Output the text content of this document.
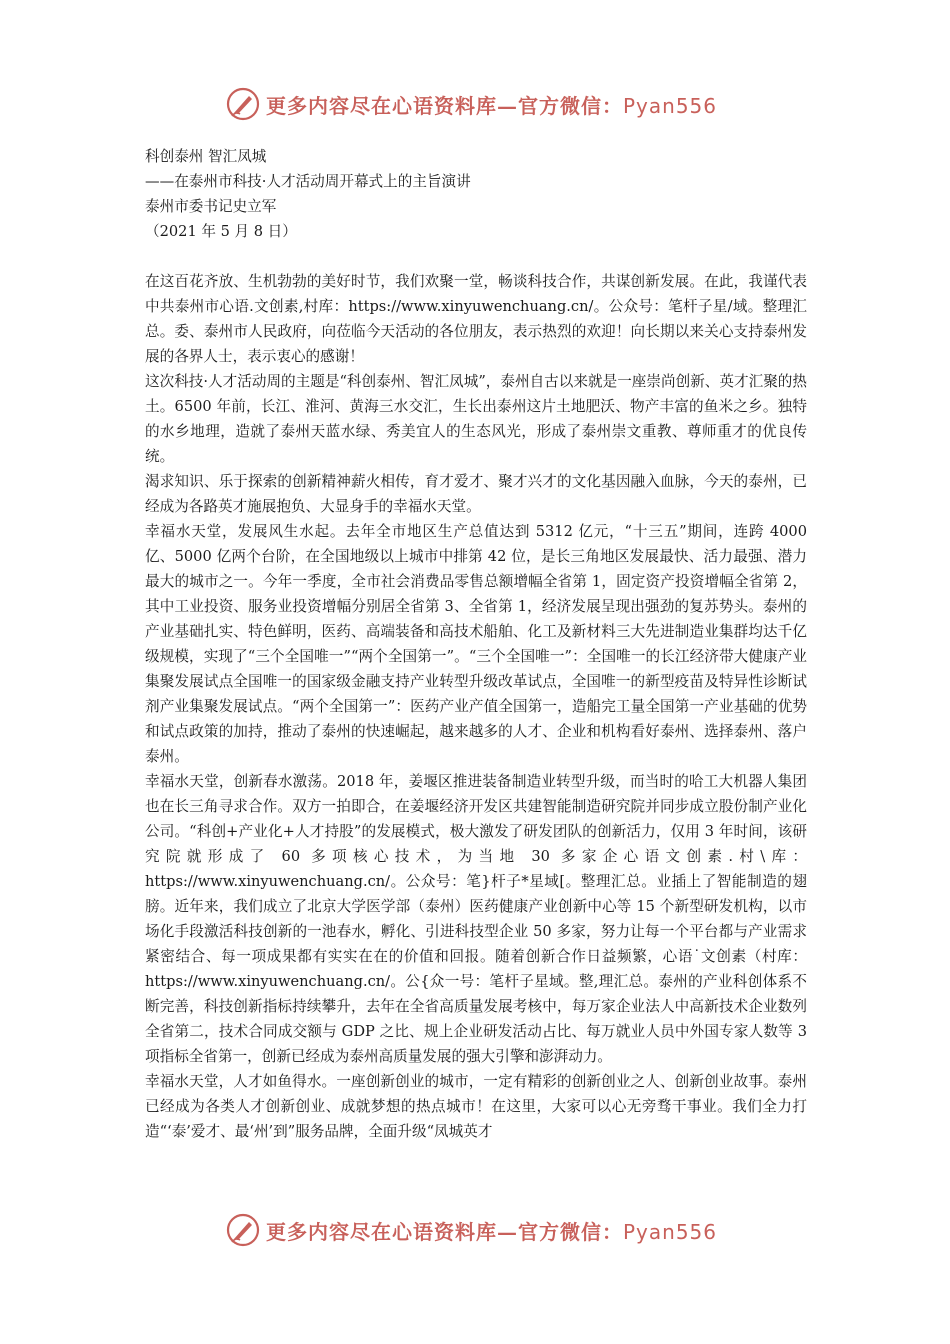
更多内容尽在心语资料库—官方微信：Pyan556

科创泰州 智汇凤城

——在泰州市科技·人才活动周开幕式上的主旨演讲

泰州市委书记史立军

（2021 年 5 月 8 日）

在这百花齐放、生机勃勃的美好时节，我们欢聚一堂，畅谈科技合作，共谋创新发展。在此，我谨代表中共泰州市心语.文创素,村库：https://www.xinyuwenchuang.cn/。公众号：笔杆子星/域。整理汇总。委、泰州市人民政府，向莅临今天活动的各位朋友，表示热烈的欢迎！向长期以来关心支持泰州发展的各界人士，表示衷心的感谢！

这次科技·人才活动周的主题是“科创泰州、智汇凤城”，泰州自古以来就是一座崇尚创新、英才汇聚的热土。6500 年前，长江、淮河、黄海三水交汇，生长出泰州这片土地肥沃、物产丰富的鱼米之乡。独特的水乡地理，造就了泰州天蓝水绿、秀美宜人的生态风光，形成了泰州崇文重教、尊师重才的优良传统。

渴求知识、乐于探索的创新精神薪火相传，育才爱才、聚才兴才的文化基因融入血脉，今天的泰州，已经成为各路英才施展抱负、大显身手的幸福水天堂。

幸福水天堂，发展风生水起。去年全市地区生产总值达到 5312 亿元，“十三五”期间，连跨 4000 亿、5000 亿两个台阶，在全国地级以上城市中排第 42 位，是长三角地区发展最快、活力最强、潜力最大的城市之一。今年一季度，全市社会消费品零售总额增幅全省第 1，固定资产投资增幅全省第 2，其中工业投资、服务业投资增幅分别居全省第 3、全省第 1，经济发展呈现出强劲的复苏势头。泰州的产业基础扎实、特色鲜明，医药、高端装备和高技术船舶、化工及新材料三大先进制造业集群均达千亿级规模，实现了“三个全国唯一”“两个全国第一”。“三个全国唯一”：全国唯一的长江经济带大健康产业集聚发展试点全国唯一的国家级金融支持产业转型升级改革试点，全国唯一的新型疫苗及特异性诊断试剂产业集聚发展试点。“两个全国第一”：医药产业产值全国第一，造船完工量全国第一产业基础的优势和试点政策的加持，推动了泰州的快速崛起，越来越多的人才、企业和机构看好泰州、选择泰州、落户泰州。

幸福水天堂，创新春水激荡。2018 年，姜堰区推进装备制造业转型升级，而当时的哈工大机器人集团也在长三角寻求合作。双方一拍即合，在姜堰经济开发区共建智能制造研究院并同步成立股份制产业化公司。“科创+产业化+人才持股”的发展模式，极大激发了研发团队的创新活力，仅用 3 年时间，该研究院就形成了 60 多项核心技术，为当地 30 多家企心语文创素.村\库：https://www.xinyuwenchuang.cn/。公众号：笔}杆子*星域[。整理汇总。业插上了智能制造的翅膀。近年来，我们成立了北京大学医学部（泰州）医药健康产业创新中心等 15 个新型研发机构，以市场化手段激活科技创新的一池春水，孵化、引进科技型企业 50 多家，努力让每一个平台都与产业需求紧密结合、每一项成果都有实实在在的价值和回报。随着创新合作日益频繁，心语˙文创素（村库：https://www.xinyuwenchuang.cn/。公{众一号：笔杆子星域。整,理汇总。泰州的产业科创体系不断完善，科技创新指标持续攀升，去年在全省高质量发展考核中，每万家企业法人中高新技术企业数列全省第二，技术合同成交额与 GDP 之比、规上企业研发活动占比、每万就业人员中外国专家人数等 3 项指标全省第一，创新已经成为泰州高质量发展的强大引擎和澎湃动力。

幸福水天堂，人才如鱼得水。一座创新创业的城市，一定有精彩的创新创业之人、创新创业故事。泰州已经成为各类人才创新创业、成就梦想的热点城市！在这里，大家可以心无旁骛干事业。我们全力打造“‘泰’爱才、最‘州’到”服务品牌，全面升级“凤城英才

更多内容尽在心语资料库—官方微信：Pyan556
